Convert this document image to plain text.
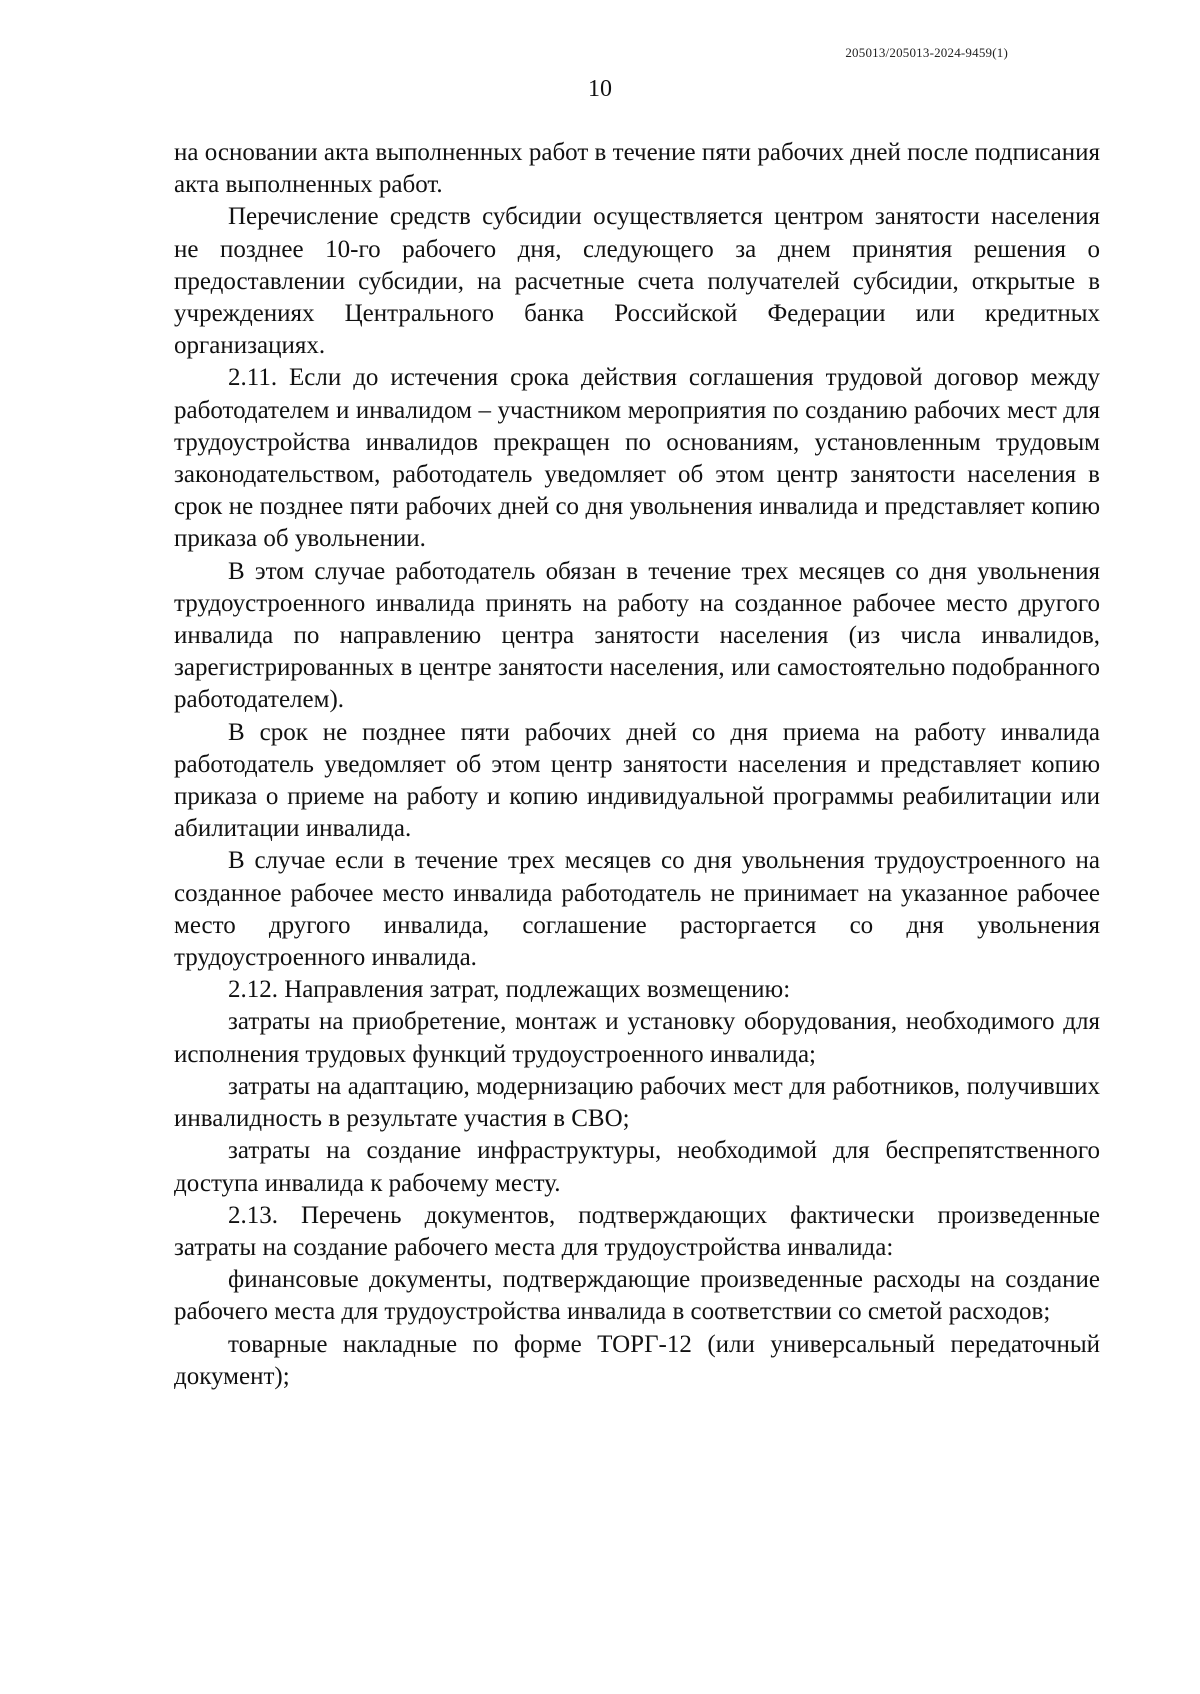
205013/205013-2024-9459(1)
10

на основании акта выполненных работ в течение пяти рабочих дней после подписания акта выполненных работ.

Перечисление средств субсидии осуществляется центром занятости населения не позднее 10-го рабочего дня, следующего за днем принятия решения о предоставлении субсидии, на расчетные счета получателей субсидии, открытые в учреждениях Центрального банка Российской Федерации или кредитных организациях.

2.11. Если до истечения срока действия соглашения трудовой договор между работодателем и инвалидом – участником мероприятия по созданию рабочих мест для трудоустройства инвалидов прекращен по основаниям, установленным трудовым законодательством, работодатель уведомляет об этом центр занятости населения в срок не позднее пяти рабочих дней со дня увольнения инвалида и представляет копию приказа об увольнении.

В этом случае работодатель обязан в течение трех месяцев со дня увольнения трудоустроенного инвалида принять на работу на созданное рабочее место другого инвалида по направлению центра занятости населения (из числа инвалидов, зарегистрированных в центре занятости населения, или самостоятельно подобранного работодателем).

В срок не позднее пяти рабочих дней со дня приема на работу инвалида работодатель уведомляет об этом центр занятости населения и представляет копию приказа о приеме на работу и копию индивидуальной программы реабилитации или абилитации инвалида.

В случае если в течение трех месяцев со дня увольнения трудоустроенного на созданное рабочее место инвалида работодатель не принимает на указанное рабочее место другого инвалида, соглашение расторгается со дня увольнения трудоустроенного инвалида.

2.12. Направления затрат, подлежащих возмещению:

затраты на приобретение, монтаж и установку оборудования, необходимого для исполнения трудовых функций трудоустроенного инвалида;

затраты на адаптацию, модернизацию рабочих мест для работников, получивших инвалидность в результате участия в СВО;

затраты на создание инфраструктуры, необходимой для беспрепятственного доступа инвалида к рабочему месту.

2.13. Перечень документов, подтверждающих фактически произведенные затраты на создание рабочего места для трудоустройства инвалида:

финансовые документы, подтверждающие произведенные расходы на создание рабочего места для трудоустройства инвалида в соответствии со сметой расходов;

товарные накладные по форме ТОРГ-12 (или универсальный передаточный документ);
